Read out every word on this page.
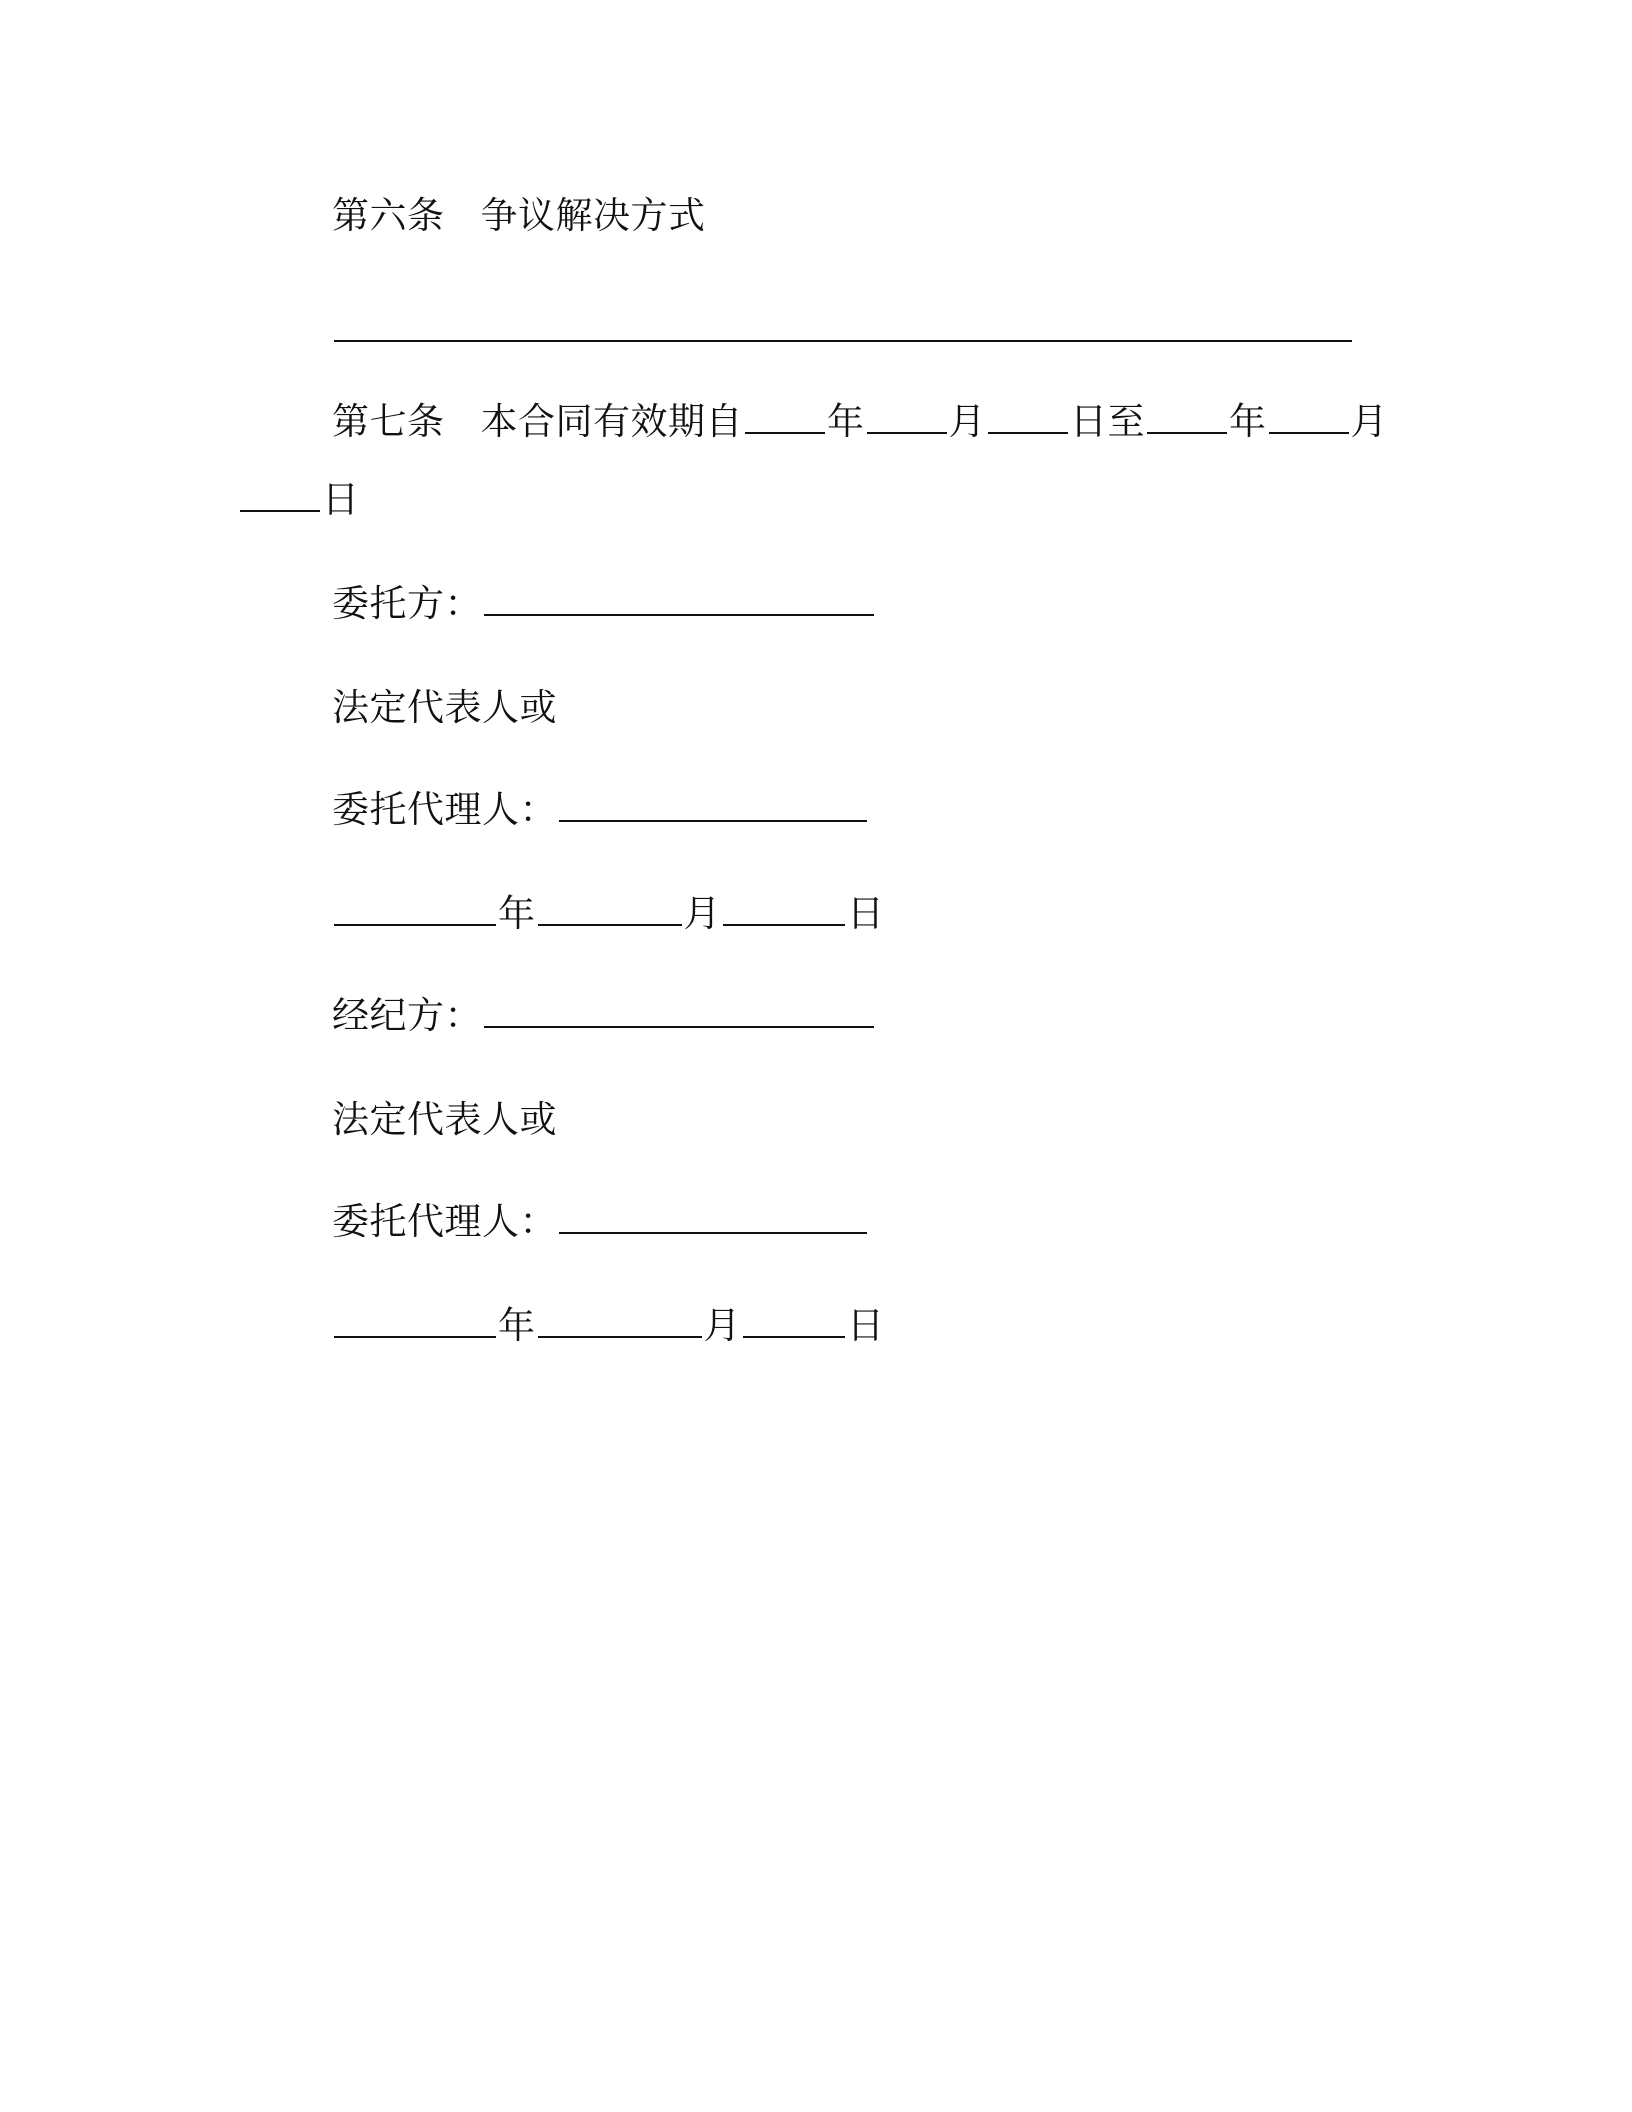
第六条 争议解决方式
第七条 本合同有效期自 年 月 日至 年 月
日
委托方：
法定代表人或
委托代理人：
年	月	日
经纪方：
法定代表人或
委托代理人：
年	月	日
